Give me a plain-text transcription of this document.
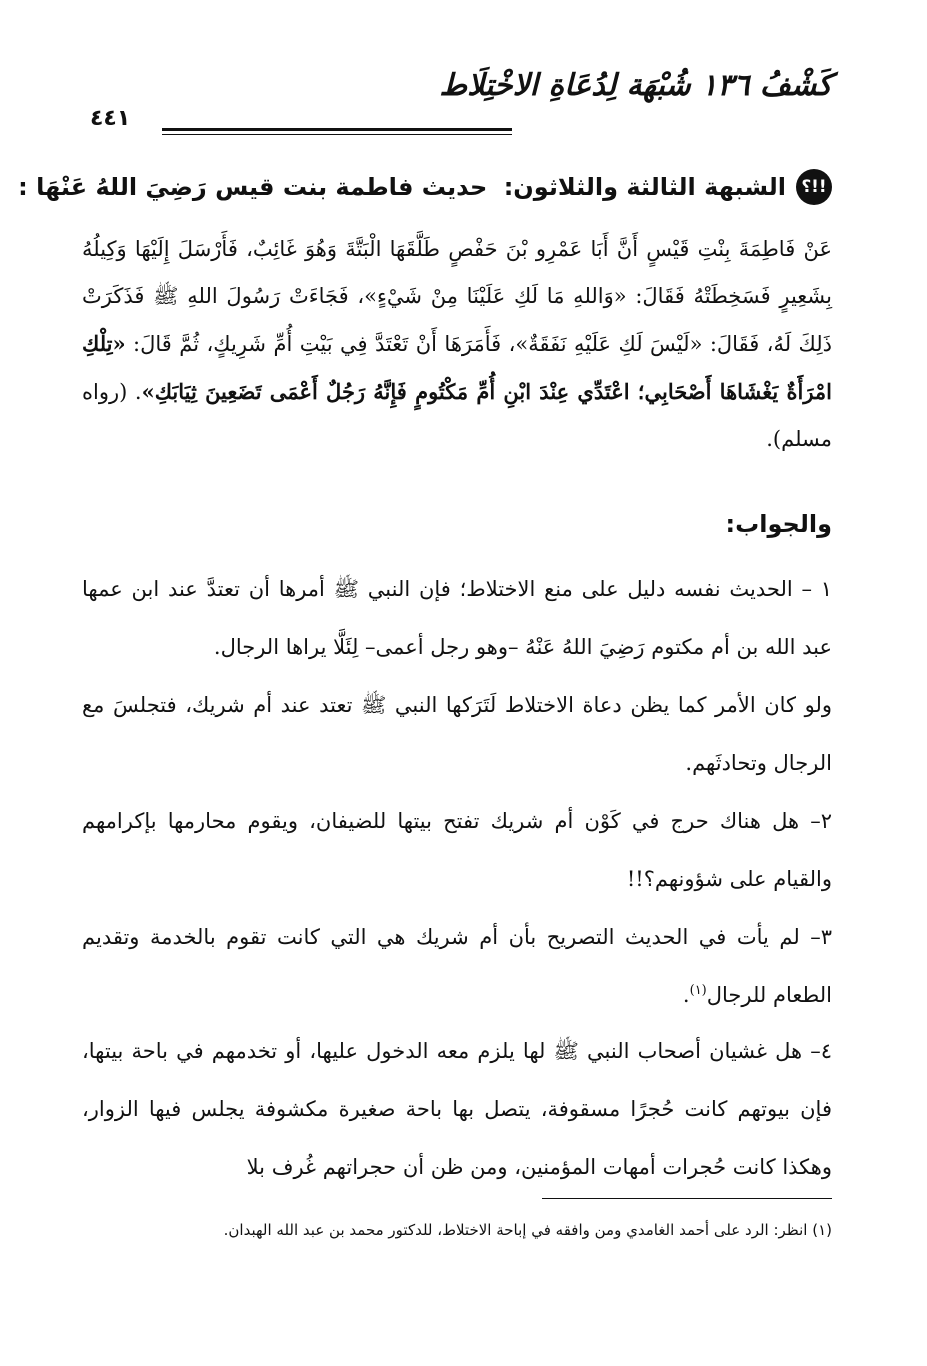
كَشْفُ ١٣٦ شُبْهَة لِدُعَاةِ الاخْتِلَاط
٤٤١
!!؟
الشبهة الثالثة والثلاثون: حديث فاطمة بنت قيس رَضِيَ اللهُ عَنْهَا :
عَنْ فَاطِمَةَ بِنْتِ قَيْسٍ أَنَّ أَبَا عَمْرِو بْنَ حَفْصٍ طَلَّقَهَا الْبَتَّةَ وَهُوَ غَائِبٌ، فَأَرْسَلَ إِلَيْهَا وَكِيلُهُ بِشَعِيرٍ فَسَخِطَتْهُ فَقَالَ: «وَاللهِ مَا لَكِ عَلَيْنَا مِنْ شَيْءٍ»، فَجَاءَتْ رَسُولَ اللهِ ﷺ فَذَكَرَتْ ذَلِكَ لَهُ، فَقَالَ: «لَيْسَ لَكِ عَلَيْهِ نَفَقَةٌ»، فَأَمَرَهَا أَنْ تَعْتَدَّ فِي بَيْتِ أُمِّ شَرِيكٍ، ثُمَّ قَالَ: «تِلْكِ امْرَأَةٌ يَغْشَاهَا أَصْحَابِي؛ اعْتَدِّي عِنْدَ ابْنِ أُمِّ مَكْتُومٍ فَإِنَّهُ رَجُلٌ أَعْمَى تَضَعِينَ ثِيَابَكِ». (رواه مسلم).
والجواب:
١ – الحديث نفسه دليل على منع الاختلاط؛ فإن النبي ﷺ أمرها أن تعتدَّ عند ابن عمها عبد الله بن أم مكتوم رَضِيَ اللهُ عَنْهُ –وهو رجل أعمى– لِئَلَّا يراها الرجال.
ولو كان الأمر كما يظن دعاة الاختلاط لَتَرَكها النبي ﷺ تعتد عند أم شريك، فتجلسَ مع الرجال وتحادثَهم.
٢– هل هناك حرج في كَوْن أم شريك تفتح بيتها للضيفان، ويقوم محارمها بإكرامهم والقيام على شؤونهم؟!!
٣– لم يأت في الحديث التصريح بأن أم شريك هي التي كانت تقوم بالخدمة وتقديم الطعام للرجال$^{(١)}$.
٤– هل غشيان أصحاب النبي ﷺ لها يلزم معه الدخول عليها، أو تخدمهم في باحة بيتها، فإن بيوتهم كانت حُجرًا مسقوفة، يتصل بها باحة صغيرة مكشوفة يجلس فيها الزوار، وهكذا كانت حُجرات أمهات المؤمنين، ومن ظن أن حجراتهم غُرف بلا
(١) انظر: الرد على أحمد الغامدي ومن وافقه في إباحة الاختلاط، للدكتور محمد بن عبد الله الهبدان.
